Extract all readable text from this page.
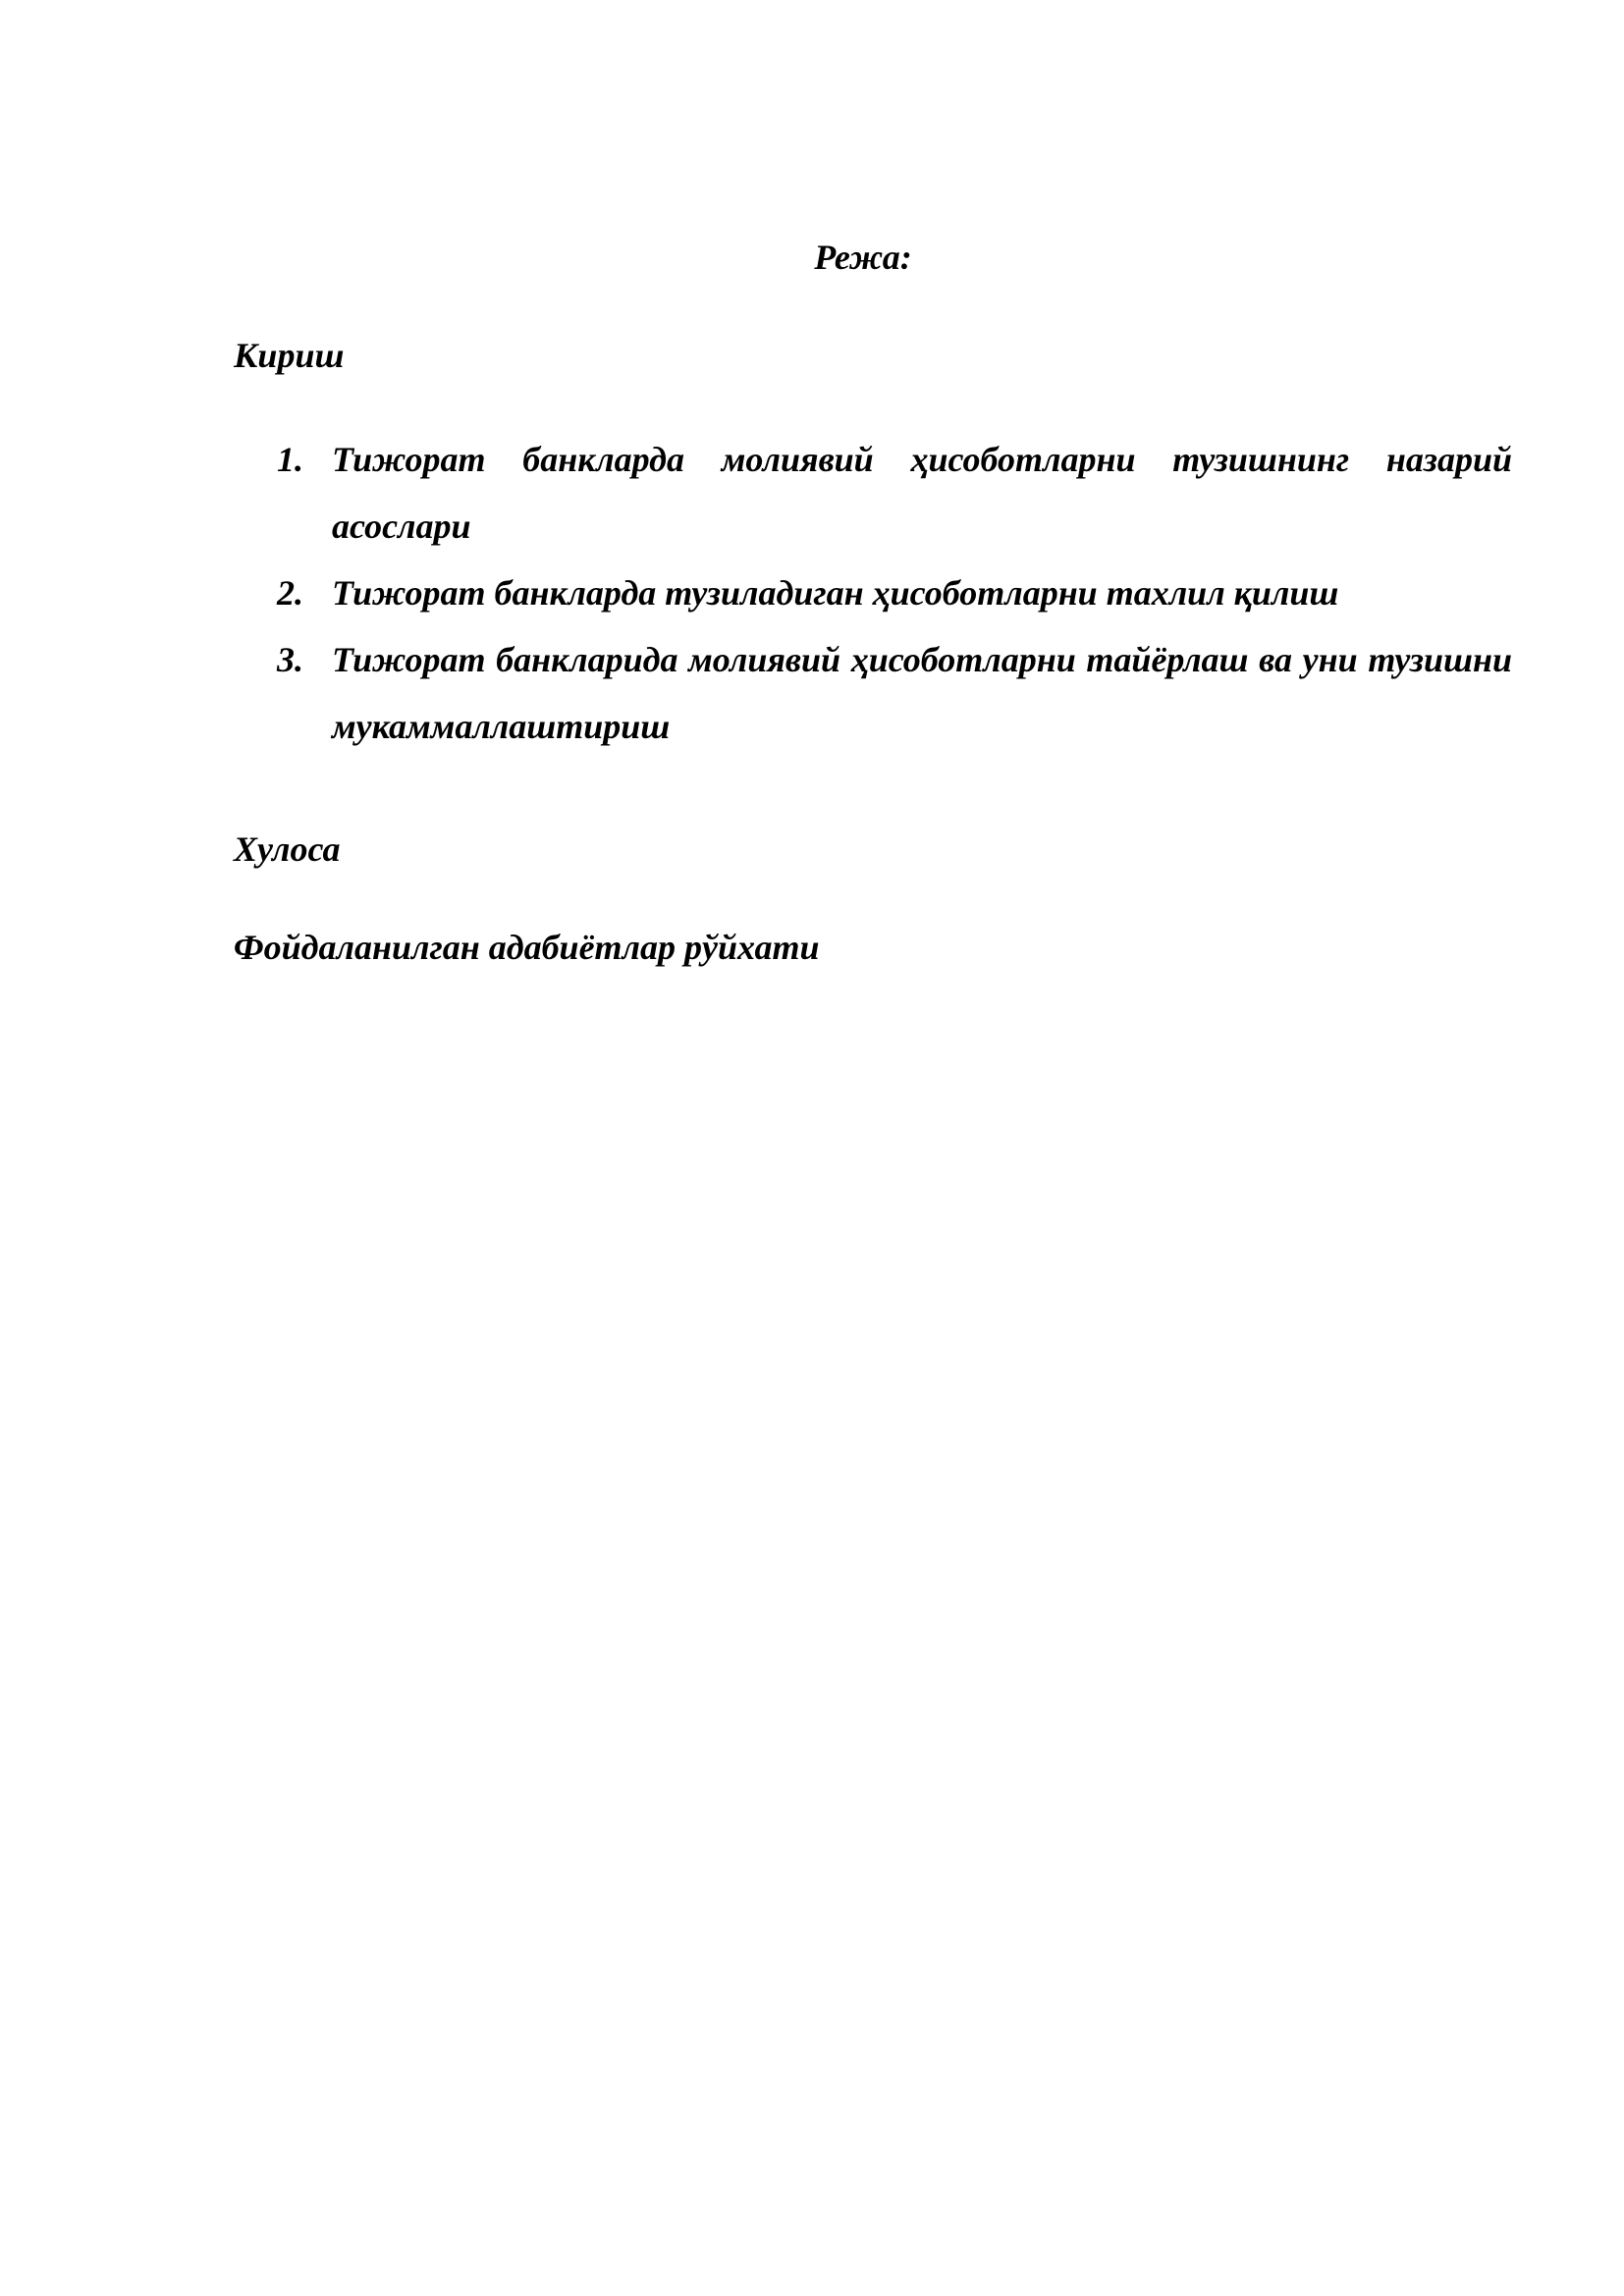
Режа:

Кириш

1. Тижорат банкларда молиявий ҳисоботларни тузишнинг назарий асослари
2. Тижорат банкларда тузиладиган ҳисоботларни тахлил қилиш
3. Тижорат банкларида молиявий ҳисоботларни тайёрлаш ва уни тузишни мукаммаллаштириш

Хулоса

Фойдаланилган адабиётлар рўйхати
